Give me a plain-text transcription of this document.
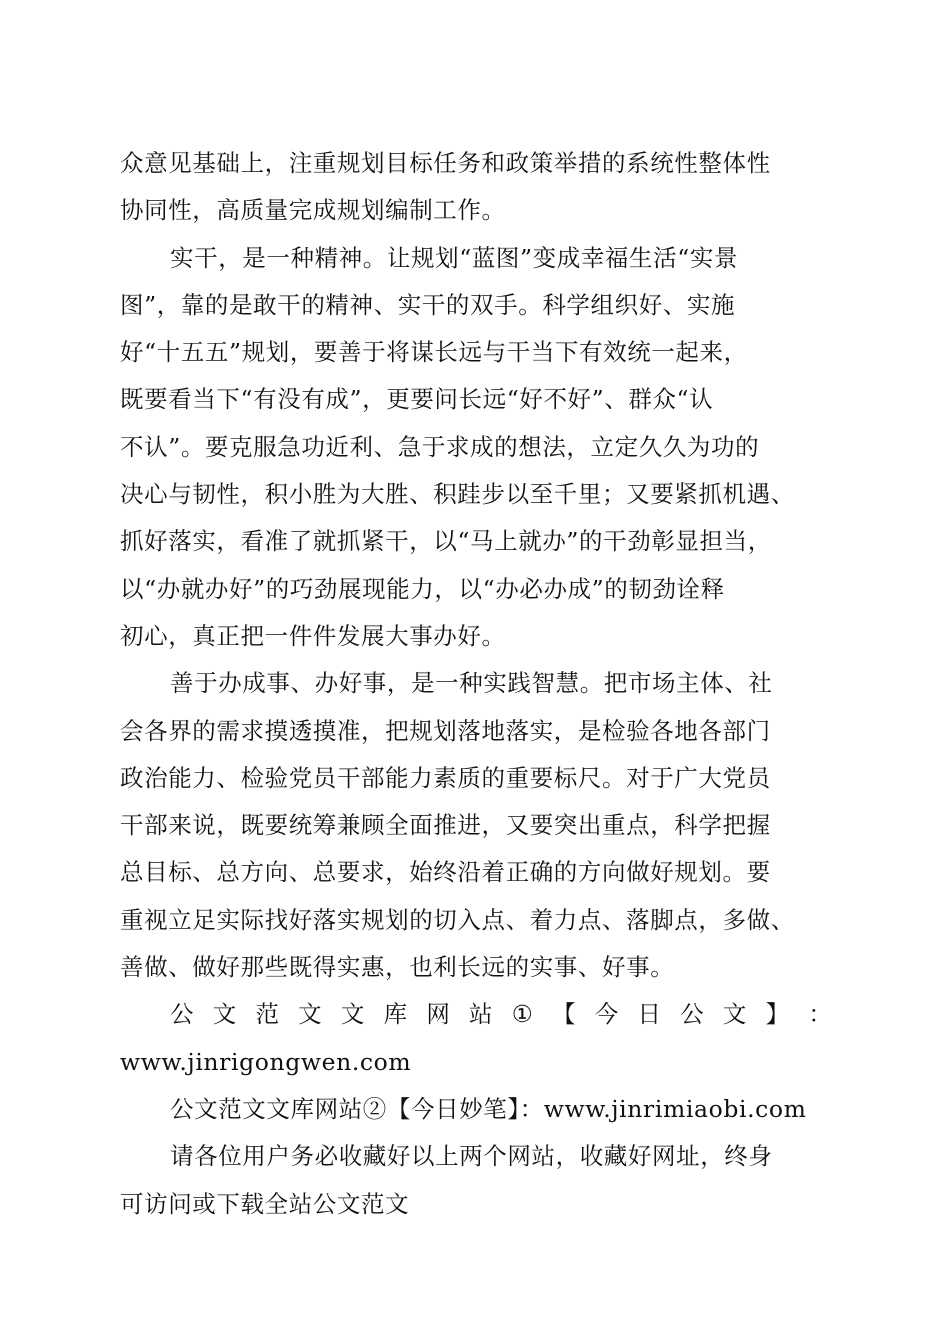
众意见基础上，注重规划目标任务和政策举措的系统性整体性
协同性，高质量完成规划编制工作。
实干，是一种精神。让规划“蓝图”变成幸福生活“实景
图”，靠的是敢干的精神、实干的双手。科学组织好、实施
好“十五五”规划，要善于将谋长远与干当下有效统一起来，
既要看当下“有没有成”，更要问长远“好不好”、群众“认
不认”。要克服急功近利、急于求成的想法，立定久久为功的
决心与韧性，积小胜为大胜、积跬步以至千里；又要紧抓机遇、
抓好落实，看准了就抓紧干，以“马上就办”的干劲彰显担当，
以“办就办好”的巧劲展现能力，以“办必办成”的韧劲诠释
初心，真正把一件件发展大事办好。
善于办成事、办好事，是一种实践智慧。把市场主体、社
会各界的需求摸透摸准，把规划落地落实，是检验各地各部门
政治能力、检验党员干部能力素质的重要标尺。对于广大党员
干部来说，既要统筹兼顾全面推进，又要突出重点，科学把握
总目标、总方向、总要求，始终沿着正确的方向做好规划。要
重视立足实际找好落实规划的切入点、着力点、落脚点，多做、
善做、做好那些既得实惠，也利长远的实事、好事。
公 文 范 文 文 库 网 站 ① 【 今 日 公 文 】 ：
www.jinrigongwen.com
公文范文文库网站②【今日妙笔】：www.jinrimiaobi.com
请各位用户务必收藏好以上两个网站，收藏好网址，终身
可访问或下载全站公文范文
